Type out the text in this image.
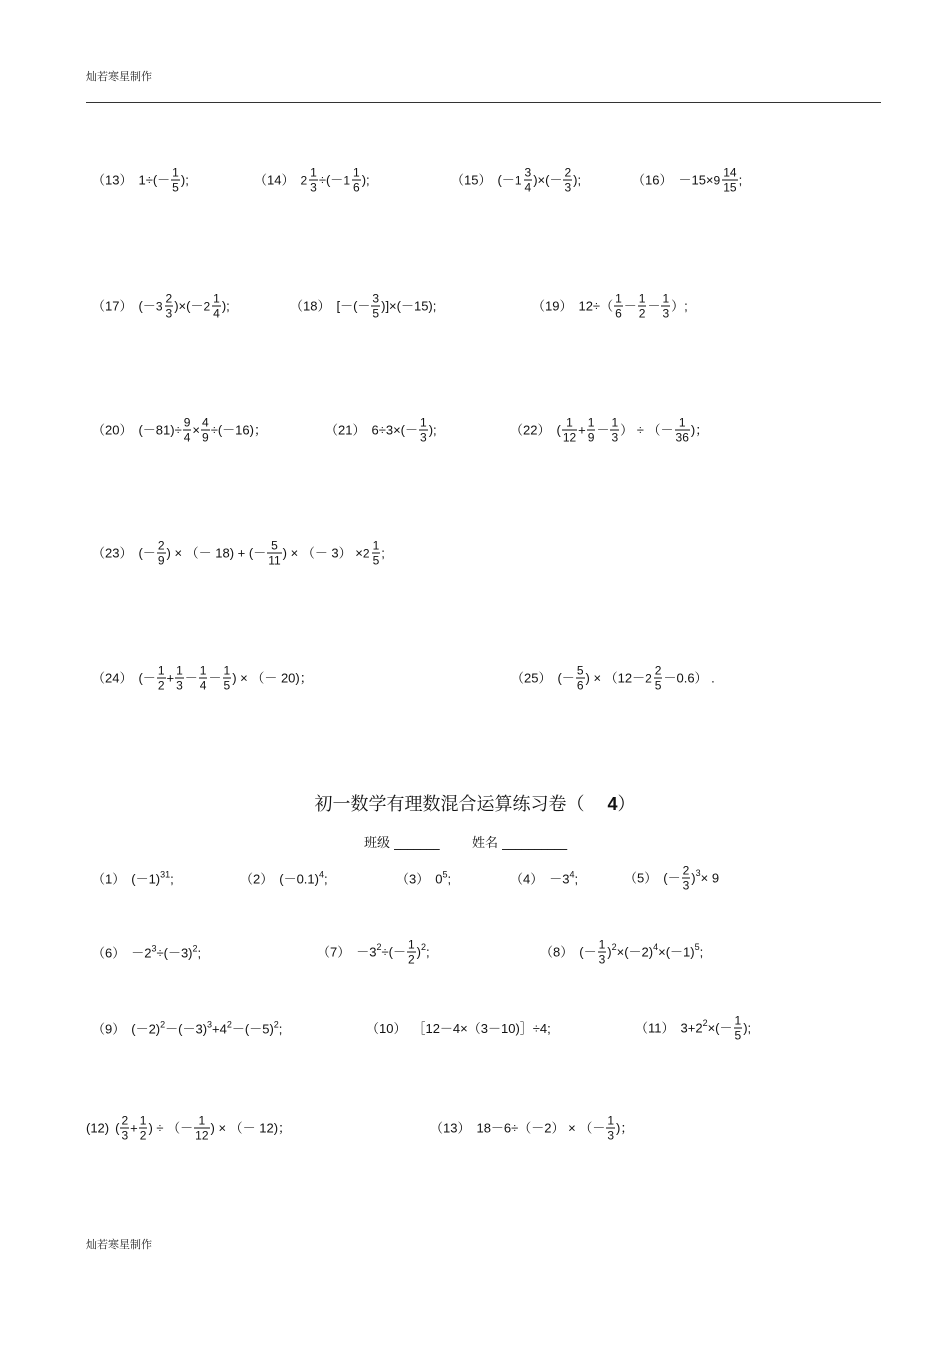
灿若寒星制作
（13） $1\div(- \frac{1}{5}$ );	（14） $2 \frac{1}{3} \div(-1 \frac{1}{6}$ );	（15） ($-1 \frac{3}{4}$ )×(－ $\frac{2}{3}$ );	$(16) -15\times 9 \frac{14}{15}$ ;
（17） $(-3 \frac{2}{3} )\times(-2 \frac{1}{4}$ );	（18） [－(－ $\frac{3}{5} )]\times(-15)$;	（19） $12\div( \frac{1}{6} - \frac{1}{2} - \frac{1}{3}$ ）;
（20） $(-81)\div \frac{9}{4} \times \frac{4}{9} \div(-16)$；	（21） $6\div 3\times(- \frac{1}{3}$ );	（22） ( $\frac{1}{12} + \frac{1}{9} - \frac{1}{3}$ ） ÷ （－ $\frac{1}{36}$ )；
（23） (－ $\frac{2}{9}$ ) × （－ 18) + (－ $\frac{5}{11}$ ) × （－ $3) \times 2 \frac{1}{5}$ ;
（24） (－ $\frac{1}{2} + \frac{1}{3} - \frac{1}{4} - \frac{1}{5}$ ) × （－ 20)；	（25） (－ $\frac{5}{6}$ ) × $(12-2 \frac{2}{5} -0.6)$ .
初一数学有理数混合运算练习卷（ 4）
班级 _______ 姓名 __________
（1） $(-1)^{31}$;	（2） $(-0.1)^4$;	（3） $0^5$;	$(4) -3^4$;	（5） (－ $\frac{2}{3} )^3\times 9$
$(6) -2^3\div(-3)^2$;	$(7) -3^2\div(- \frac{1}{2} )^2$;	（8） (－ $\frac{1}{3} )^2\times(-2)^4\times(-1)^5$;
（9） $(-2)^2-(-3)^3+4^2-(-5)^2$;	（10） ［12－4×（3－10)］÷4;	（11） $3+2^2\times(- \frac{1}{5}$ );
(12) ( $\frac{2}{3} + \frac{1}{2}$ ) ÷ （－ $\frac{1}{12}$ ) × （－ 12)；	（13） 18－6÷（－2） × （－ $\frac{1}{3}$ )；
灿若寒星制作
